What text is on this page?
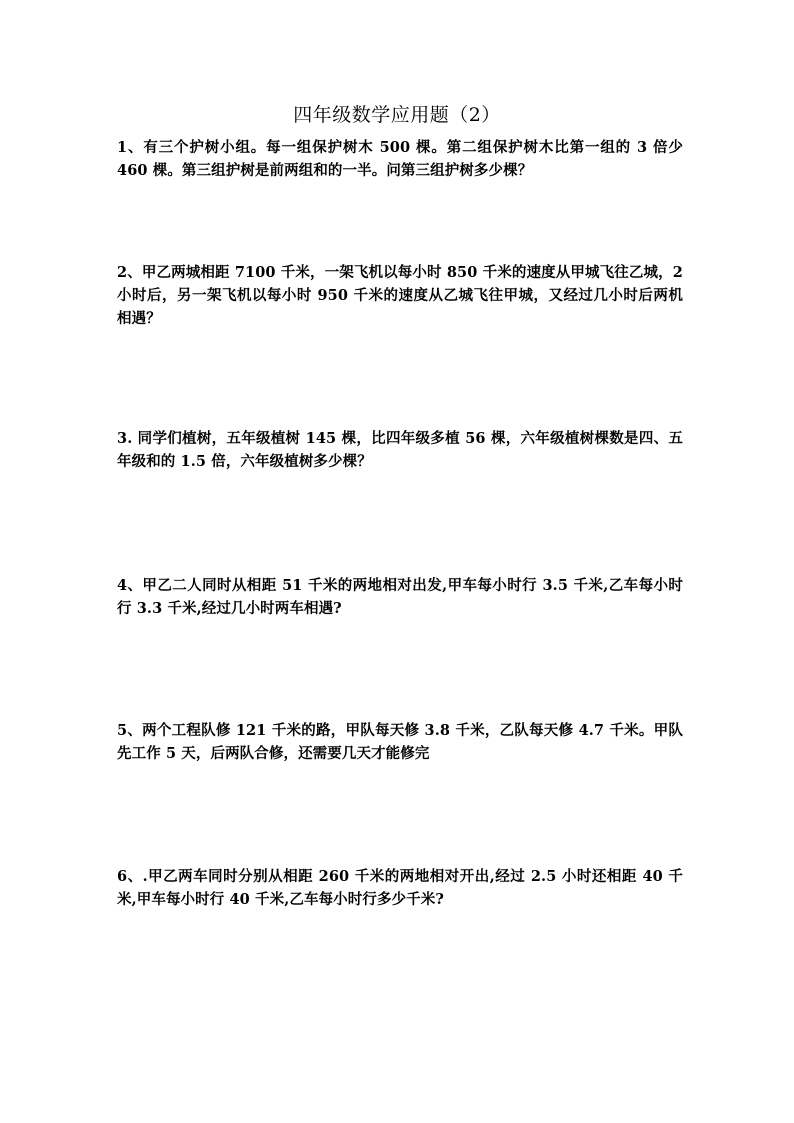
四年级数学应用题（2）
1、有三个护树小组。每一组保护树木 500 棵。第二组保护树木比第一组的 3 倍少 460 棵。第三组护树是前两组和的一半。问第三组护树多少棵？
2、甲乙两城相距 7100 千米，一架飞机以每小时 850 千米的速度从甲城飞往乙城，2 小时后，另一架飞机以每小时 950 千米的速度从乙城飞往甲城，又经过几小时后两机相遇？
3. 同学们植树，五年级植树 145 棵，比四年级多植 56 棵，六年级植树棵数是四、五年级和的 1.5 倍，六年级植树多少棵？
4、甲乙二人同时从相距 51 千米的两地相对出发,甲车每小时行 3.5 千米,乙车每小时行 3.3 千米,经过几小时两车相遇?
5、两个工程队修 121 千米的路，甲队每天修 3.8 千米，乙队每天修 4.7 千米。甲队先工作 5 天，后两队合修，还需要几天才能修完
6、.甲乙两车同时分别从相距 260 千米的两地相对开出,经过 2.5 小时还相距 40 千米,甲车每小时行 40 千米,乙车每小时行多少千米?
